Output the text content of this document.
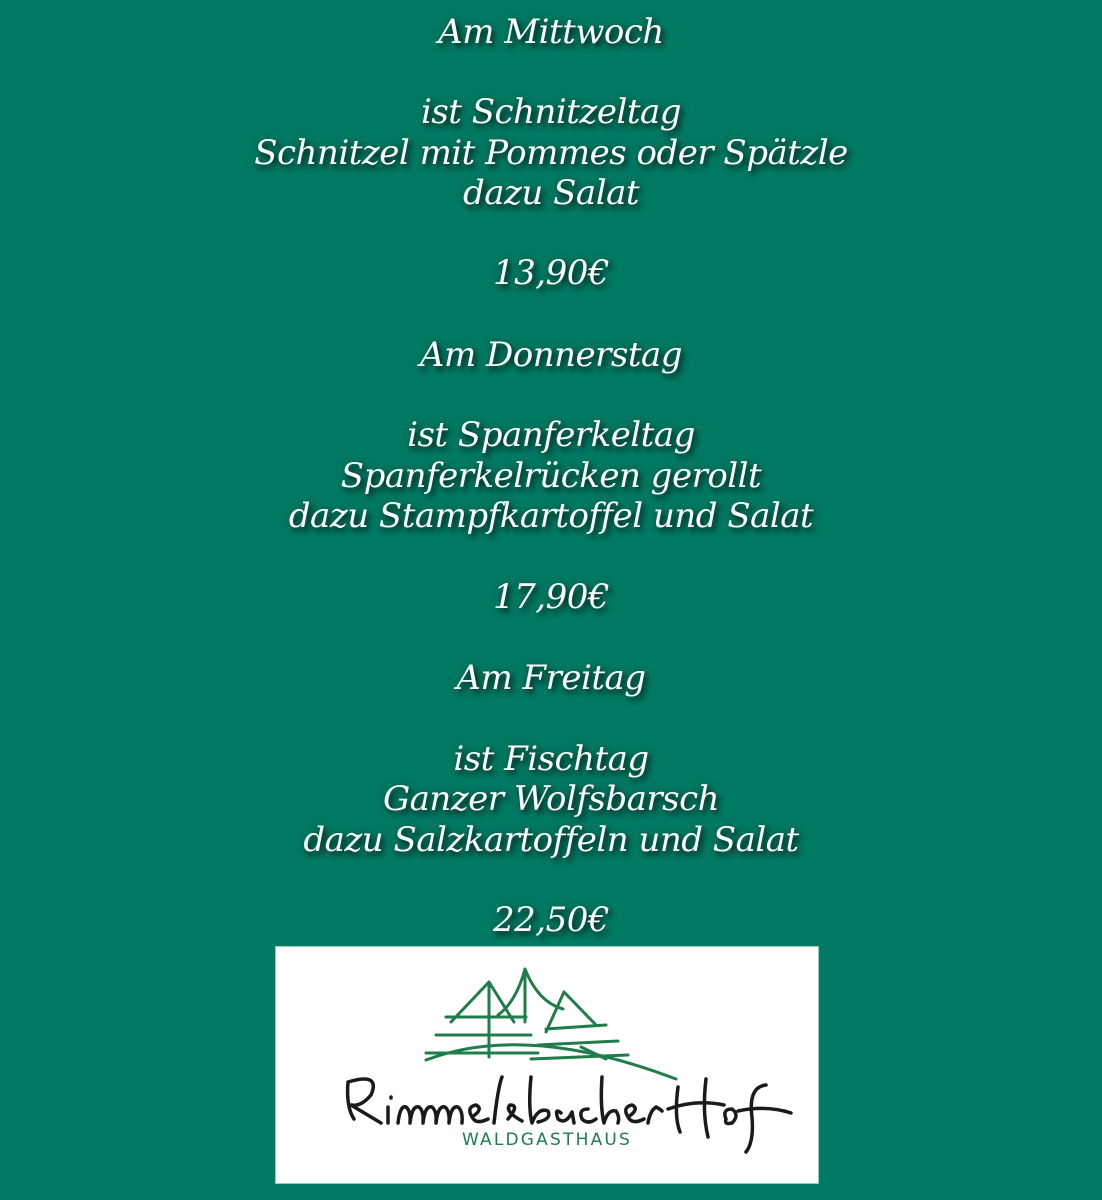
Am Mittwoch
ist Schnitzeltag
Schnitzel mit Pommes oder Spätzle
dazu Salat
13,90€
Am Donnerstag
ist Spanferkeltag
Spanferkelrücken gerollt
dazu Stampfkartoffel und Salat
17,90€
Am Freitag
ist Fischtag
Ganzer Wolfsbarsch
dazu Salzkartoffeln und Salat
22,50€
WALDGASTHAUS
